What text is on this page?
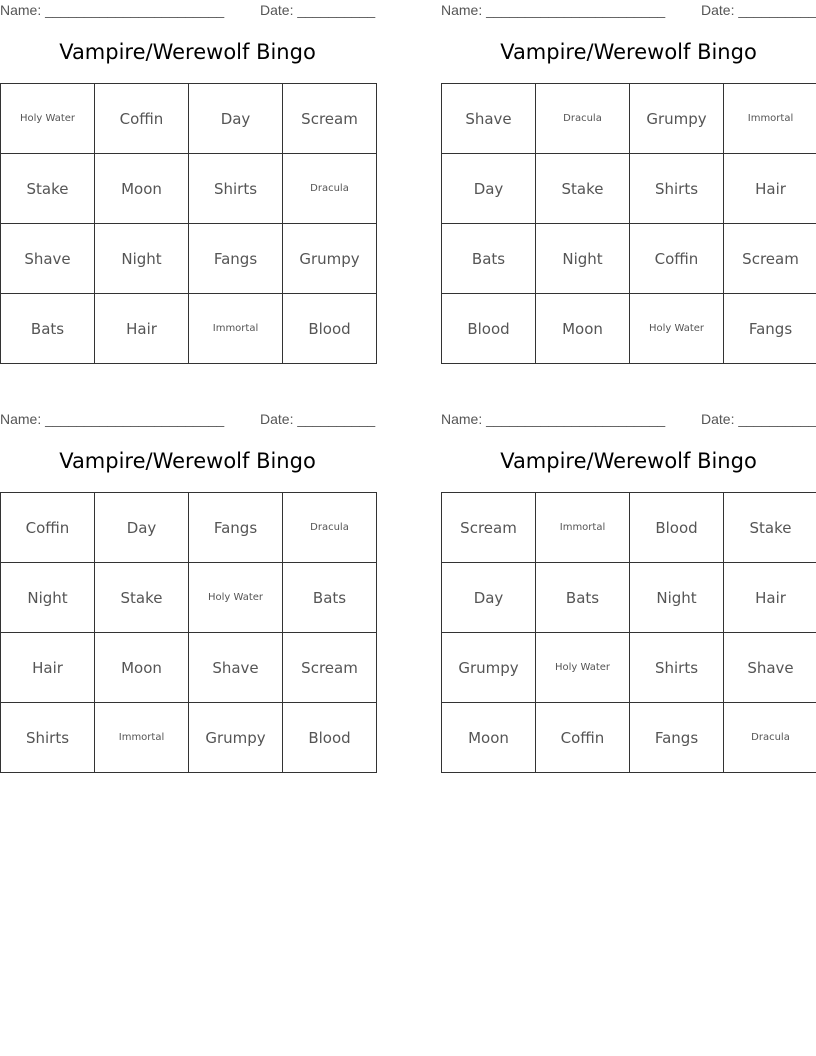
Name: _______________________	Date: __________
Vampire/Werewolf Bingo
Holy Water	Coffin	Day	Scream
Stake	Moon	Shirts	Dracula
Shave	Night	Fangs	Grumpy
Bats	Hair	Immortal	Blood
Name: _______________________	Date: __________
Vampire/Werewolf Bingo
Shave	Dracula	Grumpy	Immortal
Day	Stake	Shirts	Hair
Bats	Night	Coffin	Scream
Blood	Moon	Holy Water	Fangs
Name: _______________________	Date: __________
Vampire/Werewolf Bingo
Coffin	Day	Fangs	Dracula
Night	Stake	Holy Water	Bats
Hair	Moon	Shave	Scream
Shirts	Immortal	Grumpy	Blood
Name: _______________________	Date: __________
Vampire/Werewolf Bingo
Scream	Immortal	Blood	Stake
Day	Bats	Night	Hair
Grumpy	Holy Water	Shirts	Shave
Moon	Coffin	Fangs	Dracula
